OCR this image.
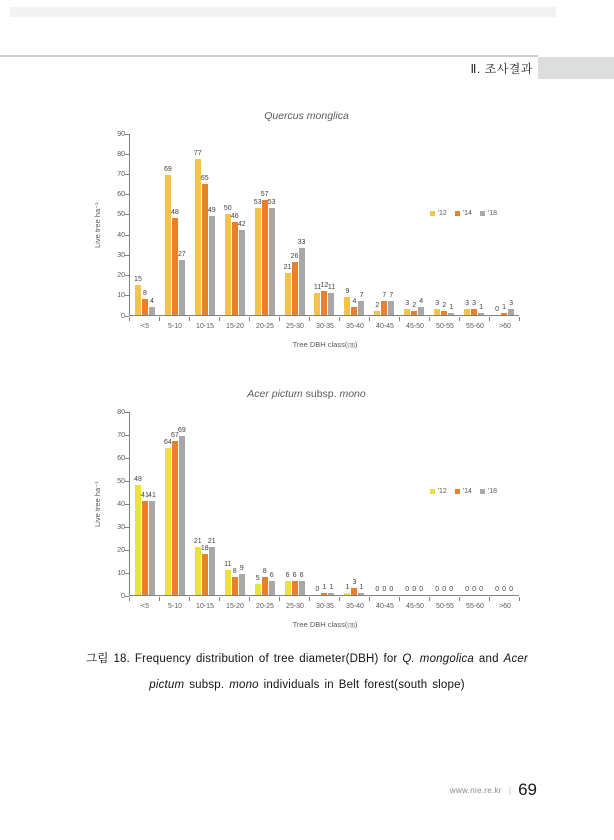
Ⅱ. 조사결과
Quercus monglica
Live tree ha⁻¹
0
10
20
30
40
50
60
70
80
90
15
8
4
69
48
27
77
65
49 50
46
42
53
57
53
21
26
33
11 12 11
9
4
7
2
7 7
3 2
4 3 2 1
3 3
1 0 1
3
'12 '14 '18
<5	5-10	10-15	15-20	20-25	25-30	30-35	35-40	40-45	45-50	50-55	55-60	>60
Tree DBH class(㎝)
Acer pictum subsp. mono
Live tree ha⁻¹
0
10
20
30
40
50
60
70
80
48
41 41
64
67
69
21
18
21
11
8 9
5
8
6 6 6 6
0 1 1 1
3
1 0 0 0 0 0 0 0 0 0 0 0 0 0 0 0
'12 '14 '18
<5	5-10	10-15	15-20	20-25	25-30	30-35	35-40	40-45	45-50	50-55	55-60	>60
Tree DBH class(㎝)
그림 18. Frequency distribution of tree diameter(DBH) for Q. mongolica and Acer pictum subsp. mono individuals in Belt forest(south slope)
www.nie.re.kr | 69
